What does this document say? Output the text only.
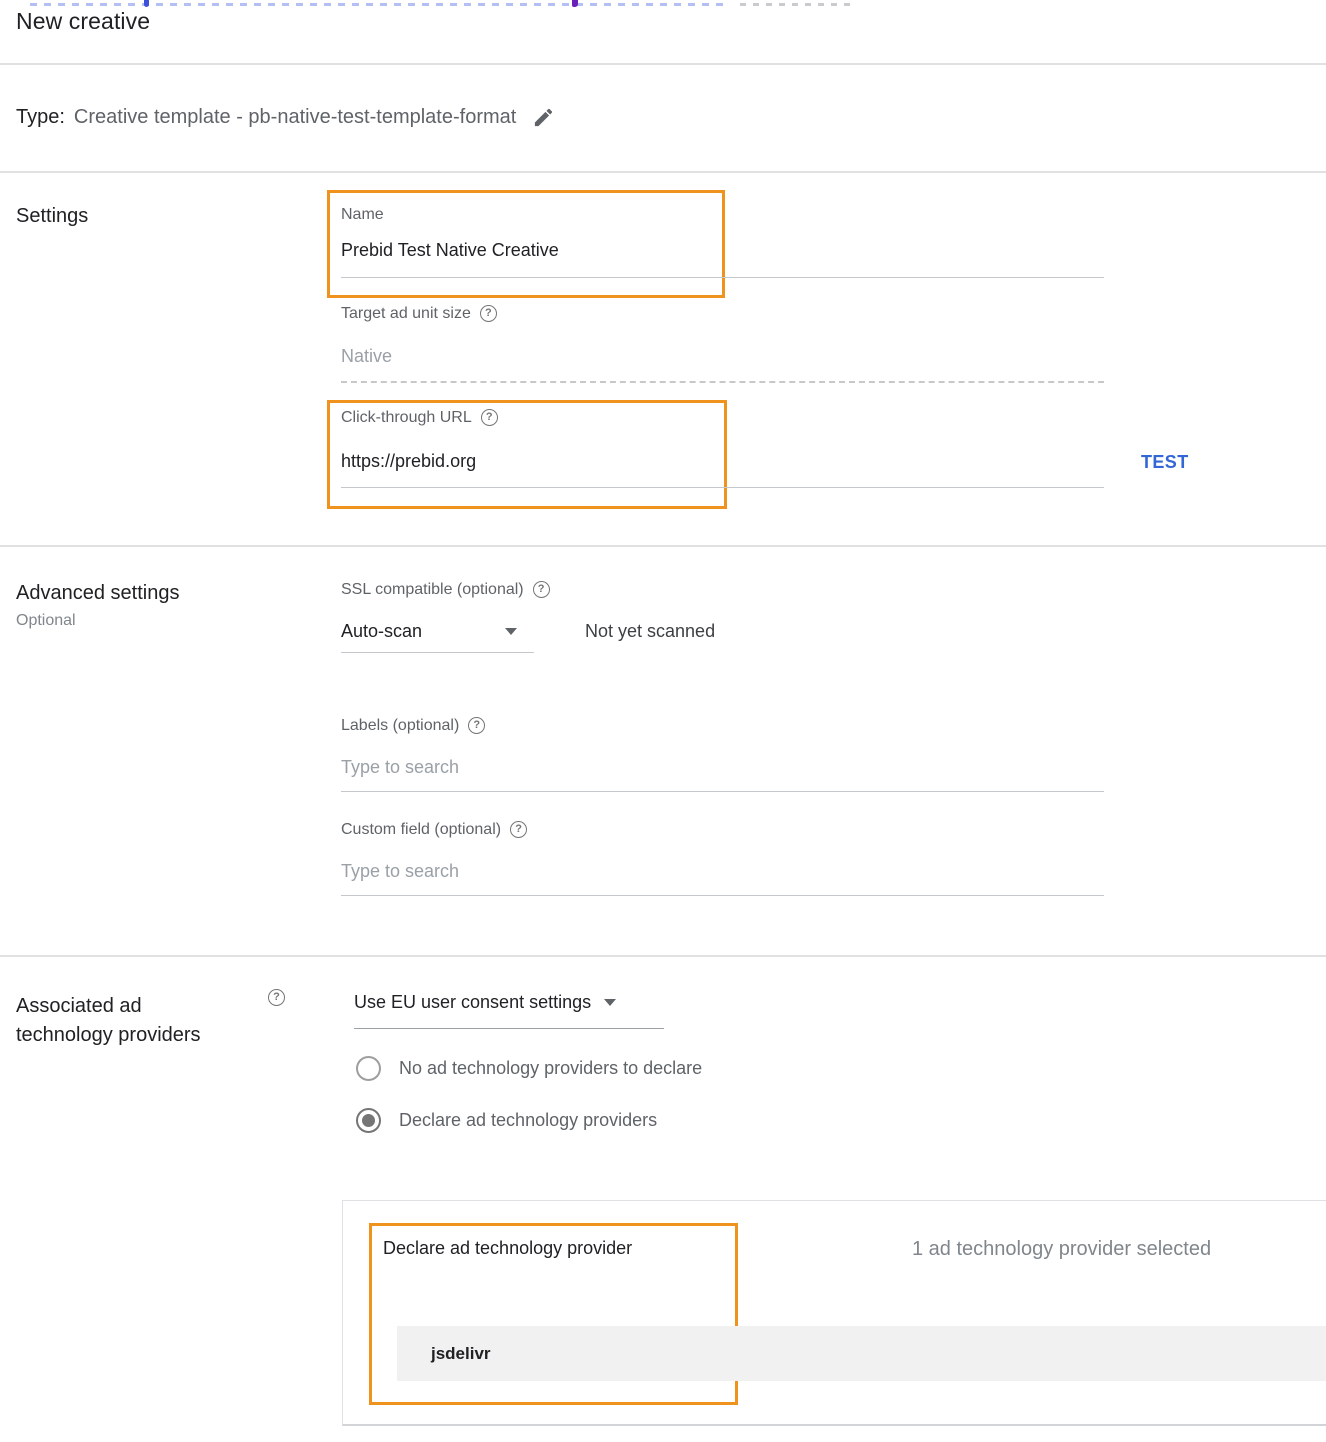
New creative
Type: Creative template - pb-native-test-template-format
Settings	Name
Prebid Test Native Creative
Target ad unit size	?
Native
Click-through URL	?
https://prebid.org	TEST
Advanced settings
Optional
SSL compatible (optional)	?
Auto-scan	Not yet scanned
Labels (optional)	?
Type to search
Custom field (optional)	?
Type to search
Associated ad
technology providers
?	Use EU user consent settings
No ad technology providers to declare
Declare ad technology providers
Declare ad technology provider	1 ad technology provider selected
jsdelivr
